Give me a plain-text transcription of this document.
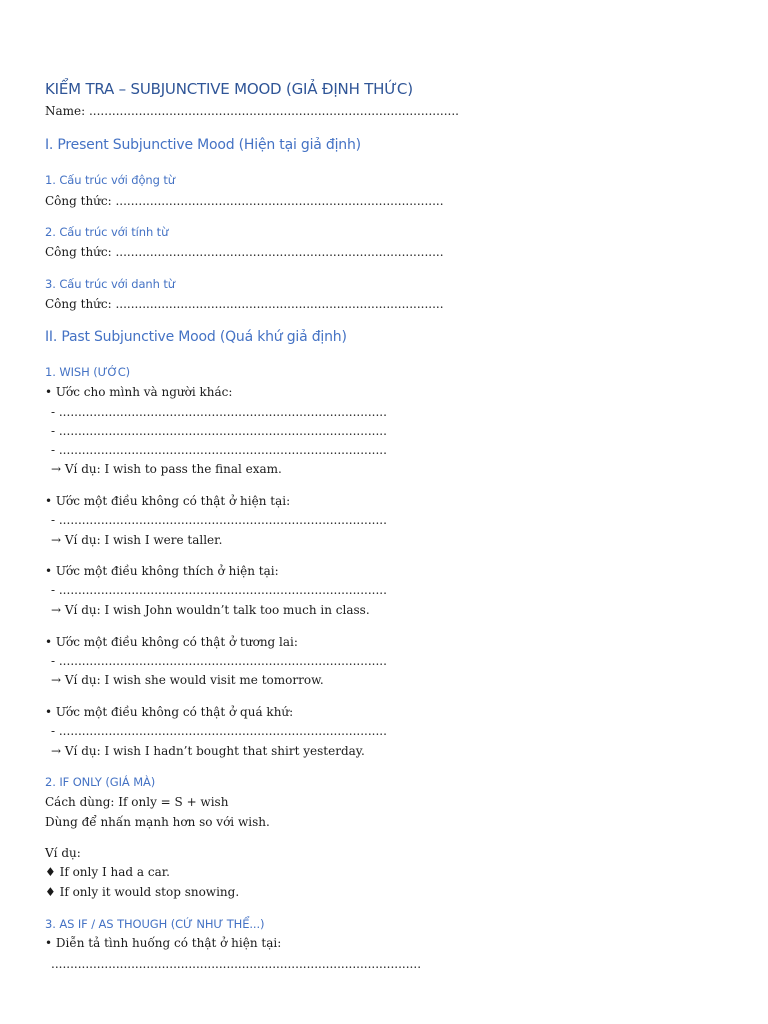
KIỂM TRA – SUBJUNCTIVE MOOD (GIẢ ĐỊNH THỨC)
Name: .................................................................................................
I. Present Subjunctive Mood (Hiện tại giả định)
1. Cấu trúc với động từ
Công thức: ......................................................................................
2. Cấu trúc với tính từ
Công thức: ......................................................................................
3. Cấu trúc với danh từ
Công thức: ......................................................................................
II. Past Subjunctive Mood (Quá khứ giả định)
1. WISH (ƯỚC)
• Ước cho mình và người khác:
- ......................................................................................
- ......................................................................................
- ......................................................................................
→ Ví dụ: I wish to pass the final exam.
• Ước một điều không có thật ở hiện tại:
- ......................................................................................
→ Ví dụ: I wish I were taller.
• Ước một điều không thích ở hiện tại:
- ......................................................................................
→ Ví dụ: I wish John wouldn’t talk too much in class.
• Ước một điều không có thật ở tương lai:
- ......................................................................................
→ Ví dụ: I wish she would visit me tomorrow.
• Ước một điều không có thật ở quá khứ:
- ......................................................................................
→ Ví dụ: I wish I hadn’t bought that shirt yesterday.
2. IF ONLY (GIÁ MÀ)
Cách dùng: If only = S + wish
Dùng để nhấn mạnh hơn so với wish.
Ví dụ:
♦ If only I had a car.
♦ If only it would stop snowing.
3. AS IF / AS THOUGH (CỨ NHƯ THỂ...)
• Diễn tả tình huống có thật ở hiện tại:
.................................................................................................
